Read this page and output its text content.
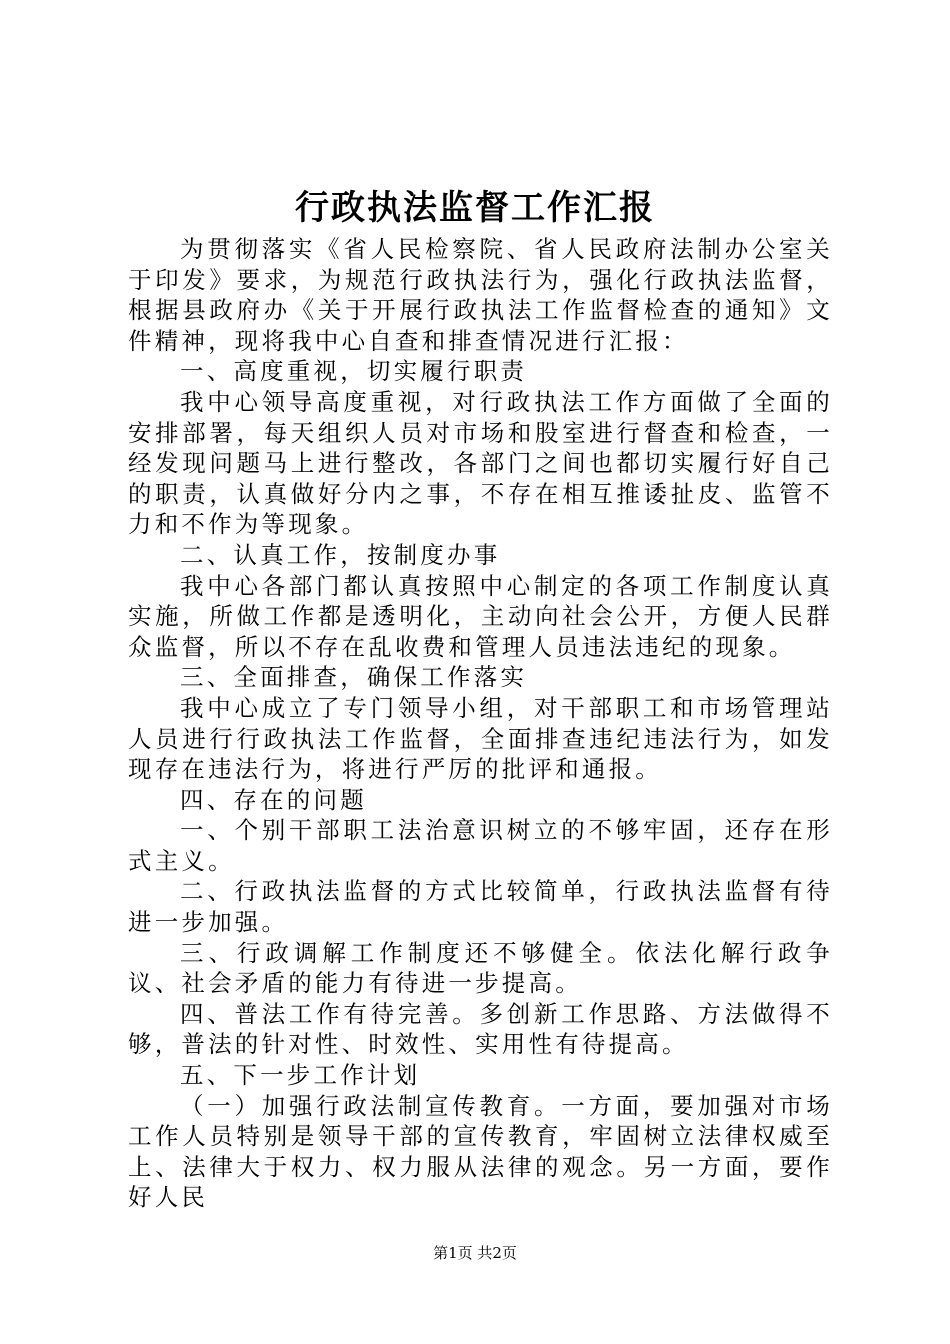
行政执法监督工作汇报

为贯彻落实《省人民检察院、省人民政府法制办公室关于印发》要求，为规范行政执法行为，强化行政执法监督，根据县政府办《关于开展行政执法工作监督检查的通知》文件精神，现将我中心自查和排查情况进行汇报：

一、高度重视，切实履行职责

我中心领导高度重视，对行政执法工作方面做了全面的安排部署，每天组织人员对市场和股室进行督查和检查，一经发现问题马上进行整改，各部门之间也都切实履行好自己的职责，认真做好分内之事，不存在相互推诿扯皮、监管不力和不作为等现象。

二、认真工作，按制度办事

我中心各部门都认真按照中心制定的各项工作制度认真实施，所做工作都是透明化，主动向社会公开，方便人民群众监督，所以不存在乱收费和管理人员违法违纪的现象。

三、全面排查，确保工作落实

我中心成立了专门领导小组，对干部职工和市场管理站人员进行行政执法工作监督，全面排查违纪违法行为，如发现存在违法行为，将进行严厉的批评和通报。

四、存在的问题

一、个别干部职工法治意识树立的不够牢固，还存在形式主义。

二、行政执法监督的方式比较简单，行政执法监督有待进一步加强。

三、行政调解工作制度还不够健全。依法化解行政争议、社会矛盾的能力有待进一步提高。

四、普法工作有待完善。多创新工作思路、方法做得不够，普法的针对性、时效性、实用性有待提高。

五、下一步工作计划

（一）加强行政法制宣传教育。一方面，要加强对市场工作人员特别是领导干部的宣传教育，牢固树立法律权威至上、法律大于权力、权力服从法律的观念。另一方面，要作好人民

第1页 共2页
